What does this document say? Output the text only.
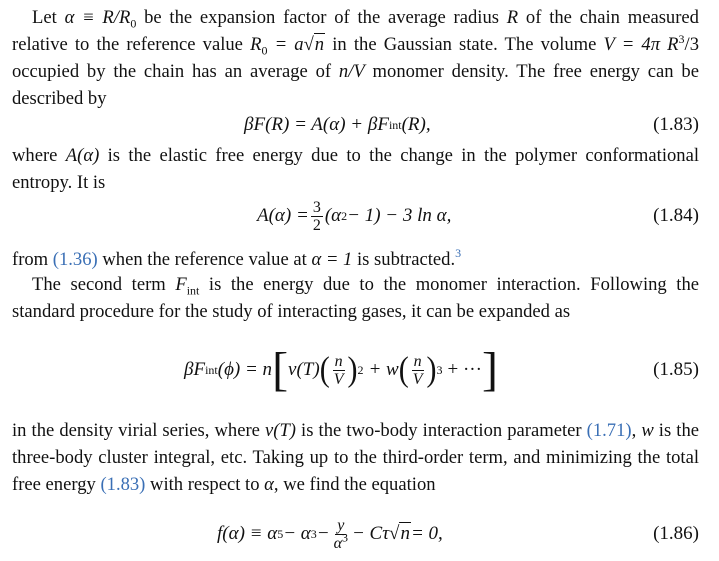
Let $\alpha \equiv R/R_0$ be the expansion factor of the average radius R of the chain measured relative to the reference value $R_0 = a√n$ in the Gaussian state. The volume V = 4π $R^3/3$ occupied by the chain has an average of n/V monomer density. The free energy can be described by
βF(R) = A(α) + βF int (R),	(1.83)
where A(α) is the elastic free energy due to the change in the polymer conformational entropy. It is
$A(\alpha) = \frac{3}{2} (\alpha$ 2 − 1) − 3 ln α,	(1.84)
from (1.36) when the reference value at α = 1 is subtracted.$^3$
The second term $F_{int}$ is the energy due to the monomer interaction. Following the standard procedure for the study of interacting gases, it can be expanded as
βF int (ϕ) = n [ v(T) ( $\frac{n}{V}$ ) 2 + w ( $\frac{n}{V}$ ) 3 + ··· ]	(1.85)
in the density virial series, where v(T) is the two-body interaction parameter (1.71), w is the three-body cluster integral, etc. Taking up to the third-order term, and minimizing the total free energy (1.83) with respect to α, we find the equation
f(α) ≡ α 5 − α $3 - \frac{y}{\alpha^3} - C\tau$ √n = 0,	(1.86)
